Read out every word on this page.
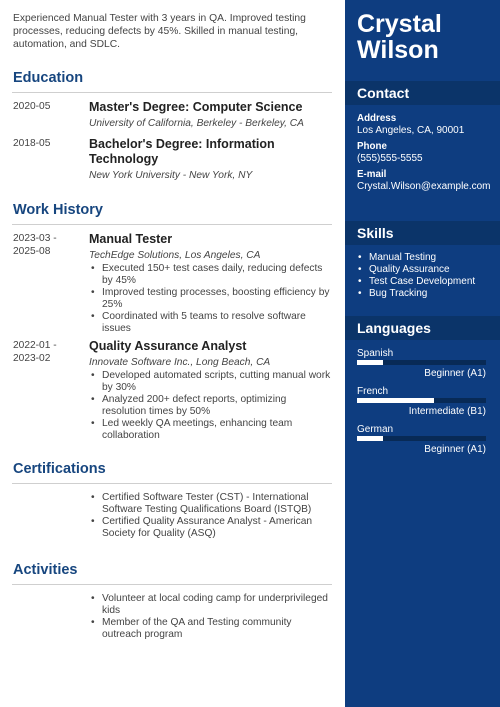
Experienced Manual Tester with 3 years in QA. Improved testing processes, reducing defects by 45%. Skilled in manual testing, automation, and SDLC.
Education
2020-05	Master's Degree: Computer Science
University of California, Berkeley - Berkeley, CA
2018-05	Bachelor's Degree: Information Technology
New York University - New York, NY
Work History
2023-03 - 2025-08
Manual Tester
TechEdge Solutions, Los Angeles, CA
• Executed 150+ test cases daily, reducing defects by 45%
• Improved testing processes, boosting efficiency by 25%
• Coordinated with 5 teams to resolve software issues
2022-01 - 2023-02
Quality Assurance Analyst
Innovate Software Inc., Long Beach, CA
• Developed automated scripts, cutting manual work by 30%
• Analyzed 200+ defect reports, optimizing resolution times by 50%
• Led weekly QA meetings, enhancing team collaboration
Certifications
• Certified Software Tester (CST) - International Software Testing Qualifications Board (ISTQB)
• Certified Quality Assurance Analyst - American Society for Quality (ASQ)
Activities
• Volunteer at local coding camp for underprivileged kids
• Member of the QA and Testing community outreach program
Crystal
Wilson
Contact
Address
Los Angeles, CA, 90001
Phone
(555)555-5555
E-mail
Crystal.Wilson@example.com
Skills
• Manual Testing
• Quality Assurance
• Test Case Development
• Bug Tracking
Languages
Spanish
Beginner (A1)
French
Intermediate (B1)
German
Beginner (A1)
